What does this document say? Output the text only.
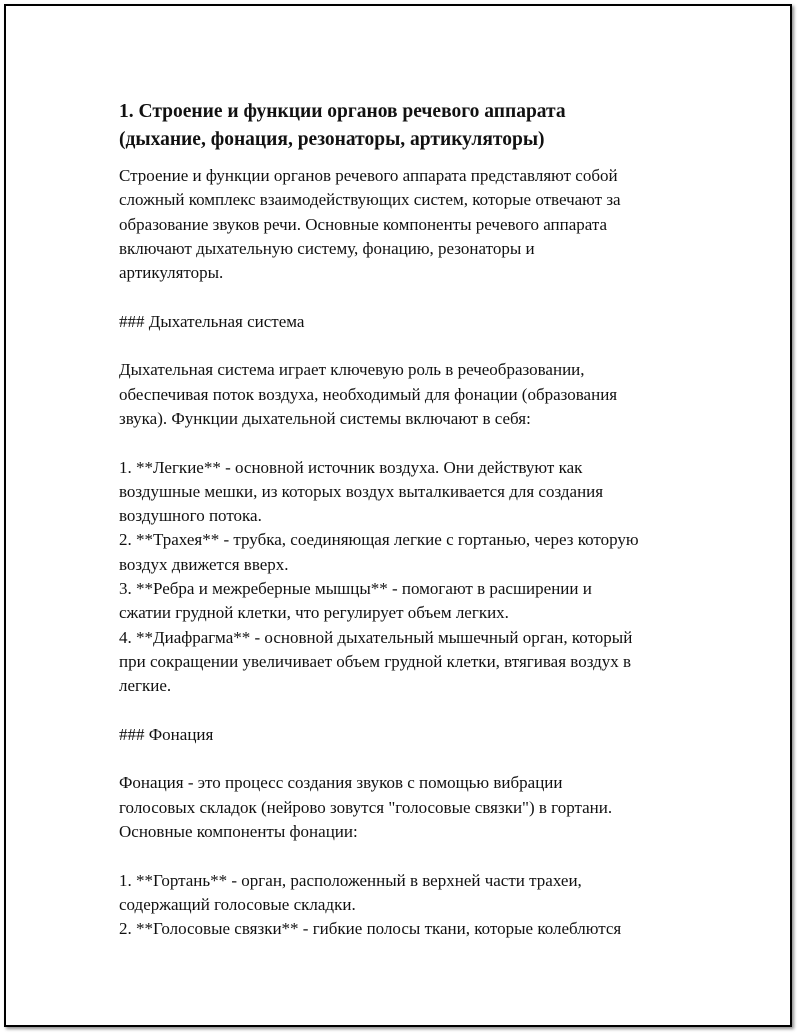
1. Строение и функции органов речевого аппарата
(дыхание, фонация, резонаторы, артикуляторы)
Строение и функции органов речевого аппарата представляют собой
сложный комплекс взаимодействующих систем, которые отвечают за
образование звуков речи. Основные компоненты речевого аппарата
включают дыхательную систему, фонацию, резонаторы и
артикуляторы.
### Дыхательная система
Дыхательная система играет ключевую роль в речеобразовании,
обеспечивая поток воздуха, необходимый для фонации (образования
звука). Функции дыхательной системы включают в себя:
1. **Легкие** - основной источник воздуха. Они действуют как
воздушные мешки, из которых воздух выталкивается для создания
воздушного потока.
2. **Трахея** - трубка, соединяющая легкие с гортанью, через которую
воздух движется вверх.
3. **Ребра и межреберные мышцы** - помогают в расширении и
сжатии грудной клетки, что регулирует объем легких.
4. **Диафрагма** - основной дыхательный мышечный орган, который
при сокращении увеличивает объем грудной клетки, втягивая воздух в
легкие.
### Фонация
Фонация - это процесс создания звуков с помощью вибрации
голосовых складок (нейрово зовутся "голосовые связки") в гортани.
Основные компоненты фонации:
1. **Гортань** - орган, расположенный в верхней части трахеи,
содержащий голосовые складки.
2. **Голосовые связки** - гибкие полосы ткани, которые колеблются
